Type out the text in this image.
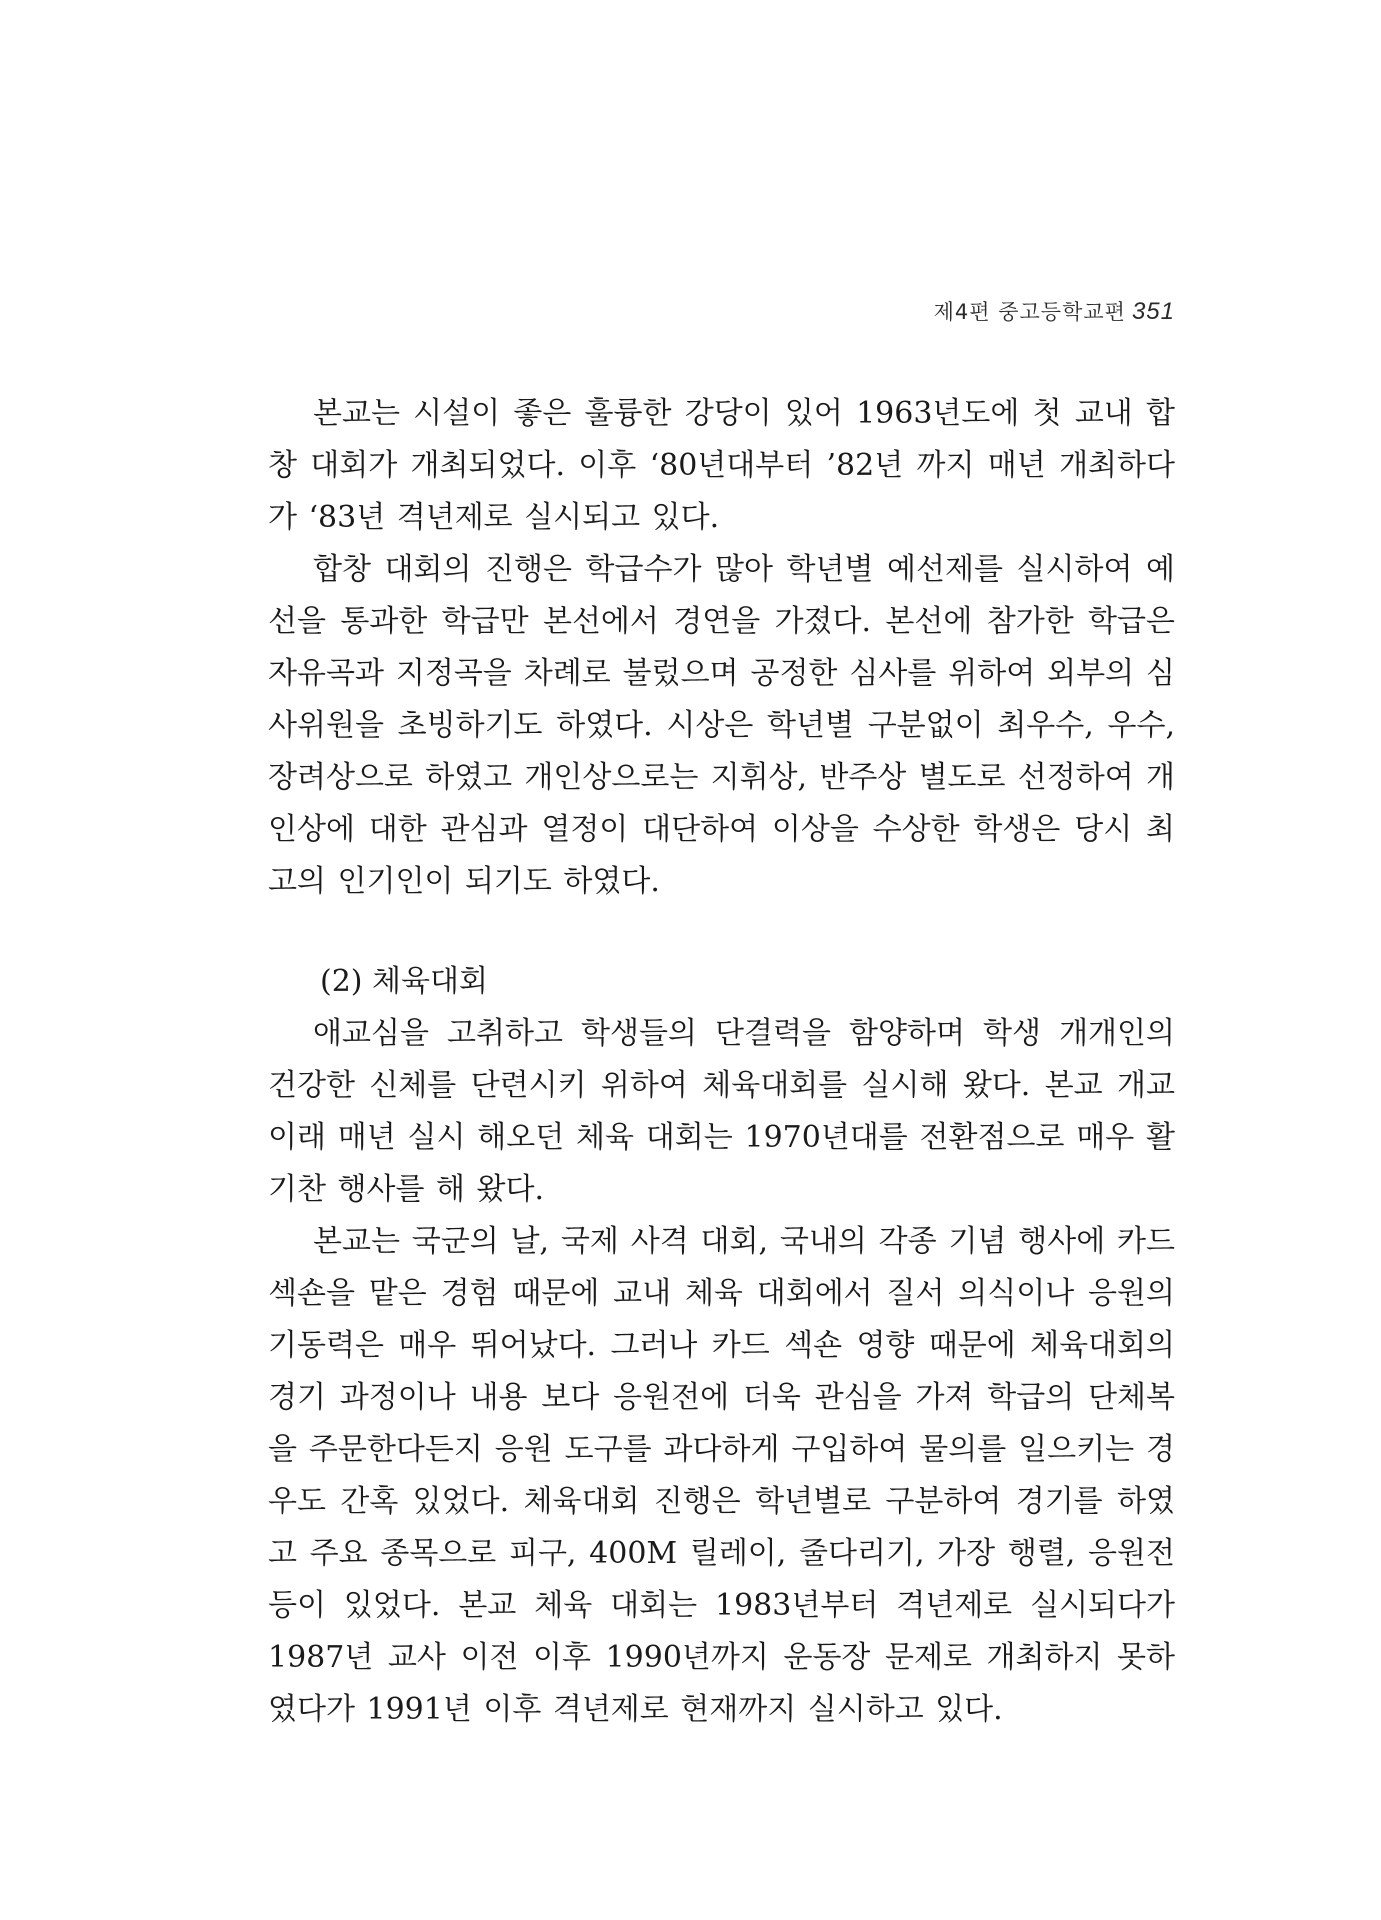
제4편 중고등학교편 351

본교는 시설이 좋은 훌륭한 강당이 있어 1963년도에 첫 교내 합창 대회가 개최되었다. 이후 ‘80년대부터 ’82년 까지 매년 개최하다가 ‘83년 격년제로 실시되고 있다.

합창 대회의 진행은 학급수가 많아 학년별 예선제를 실시하여 예선을 통과한 학급만 본선에서 경연을 가졌다. 본선에 참가한 학급은 자유곡과 지정곡을 차례로 불렀으며 공정한 심사를 위하여 외부의 심사위원을 초빙하기도 하였다. 시상은 학년별 구분없이 최우수, 우수, 장려상으로 하였고 개인상으로는 지휘상, 반주상 별도로 선정하여 개인상에 대한 관심과 열정이 대단하여 이상을 수상한 학생은 당시 최고의 인기인이 되기도 하였다.

(2) 체육대회

애교심을 고취하고 학생들의 단결력을 함양하며 학생 개개인의 건강한 신체를 단련시키 위하여 체육대회를 실시해 왔다. 본교 개교 이래 매년 실시 해오던 체육 대회는 1970년대를 전환점으로 매우 활기찬 행사를 해 왔다.

본교는 국군의 날, 국제 사격 대회, 국내의 각종 기념 행사에 카드 섹숀을 맡은 경험 때문에 교내 체육 대회에서 질서 의식이나 응원의 기동력은 매우 뛰어났다. 그러나 카드 섹숀 영향 때문에 체육대회의 경기 과정이나 내용 보다 응원전에 더욱 관심을 가져 학급의 단체복을 주문한다든지 응원 도구를 과다하게 구입하여 물의를 일으키는 경우도 간혹 있었다. 체육대회 진행은 학년별로 구분하여 경기를 하였고 주요 종목으로 피구, 400M 릴레이, 줄다리기, 가장 행렬, 응원전 등이 있었다. 본교 체육 대회는 1983년부터 격년제로 실시되다가 1987년 교사 이전 이후 1990년까지 운동장 문제로 개최하지 못하였다가 1991년 이후 격년제로 현재까지 실시하고 있다.
